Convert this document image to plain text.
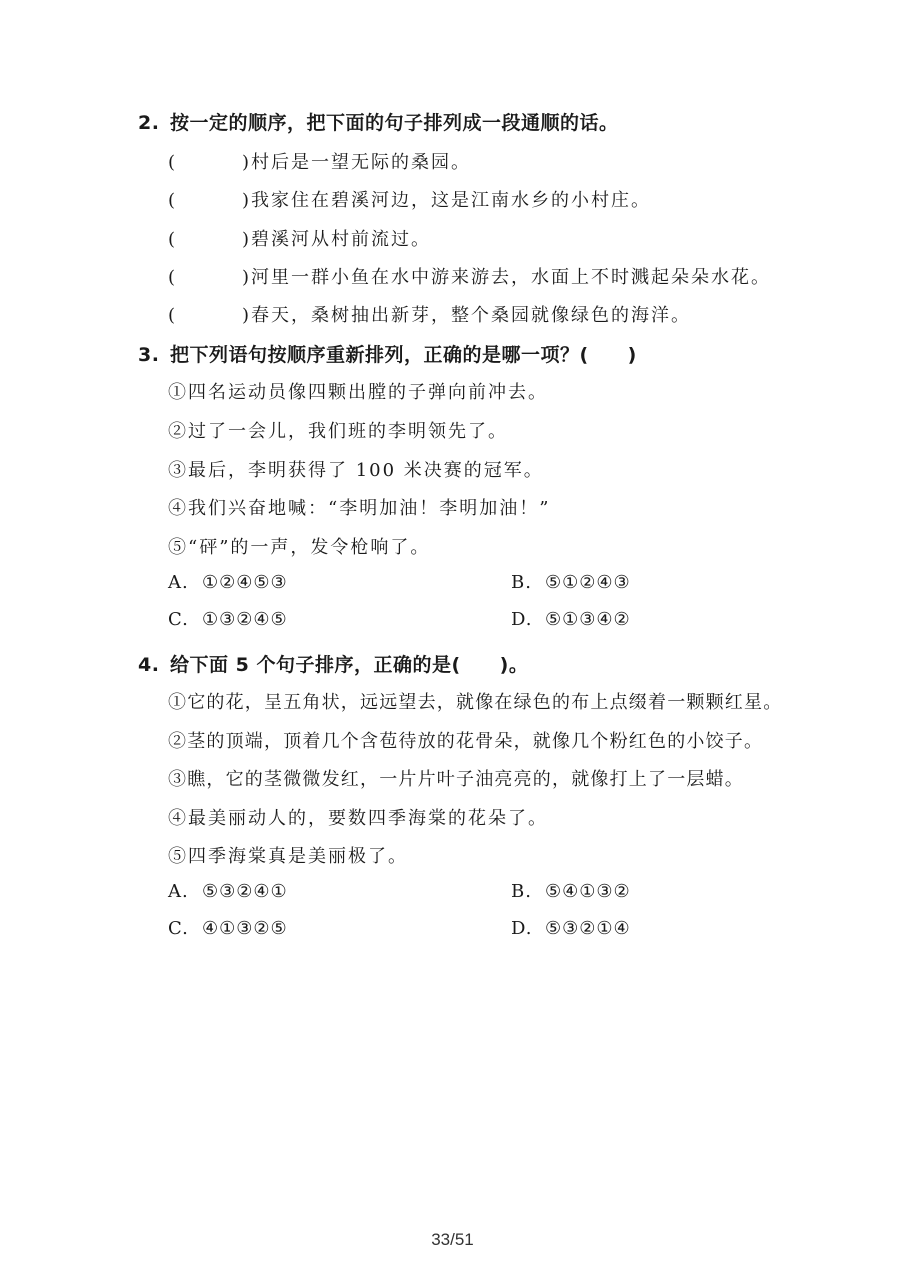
2. 按一定的顺序，把下面的句子排列成一段通顺的话。
(	)村后是一望无际的桑园。
(	)我家住在碧溪河边，这是江南水乡的小村庄。
(	)碧溪河从村前流过。
(	)河里一群小鱼在水中游来游去，水面上不时溅起朵朵水花。
(	)春天，桑树抽出新芽，整个桑园就像绿色的海洋。
3. 把下列语句按顺序重新排列，正确的是哪一项？(　　)
①四名运动员像四颗出膛的子弹向前冲去。
②过了一会儿，我们班的李明领先了。
③最后，李明获得了 100 米决赛的冠军。
④我们兴奋地喊：“李明加油！李明加油！”
⑤“砰”的一声，发令枪响了。
A. ①②④⑤③	B. ⑤①②④③
C. ①③②④⑤	D. ⑤①③④②
4. 给下面 5 个句子排序，正确的是(　　)。
①它的花，呈五角状，远远望去，就像在绿色的布上点缀着一颗颗红星。
②茎的顶端，顶着几个含苞待放的花骨朵，就像几个粉红色的小饺子。
③瞧，它的茎微微发红，一片片叶子油亮亮的，就像打上了一层蜡。
④最美丽动人的，要数四季海棠的花朵了。
⑤四季海棠真是美丽极了。
A. ⑤③②④①	B. ⑤④①③②
C. ④①③②⑤	D. ⑤③②①④
33/51
